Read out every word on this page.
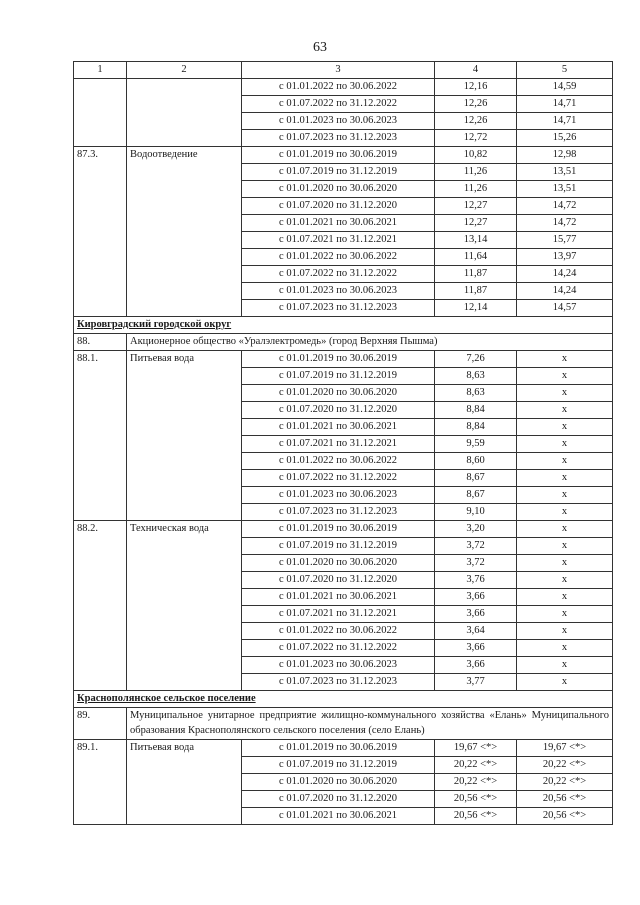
63
1	2	3	4	5
		с 01.01.2022 по 30.06.2022	12,16	14,59
		с 01.07.2022 по 31.12.2022	12,26	14,71
		с 01.01.2023 по 30.06.2023	12,26	14,71
		с 01.07.2023 по 31.12.2023	12,72	15,26
87.3.	Водоотведение	с 01.01.2019 по 30.06.2019	10,82	12,98
		с 01.07.2019 по 31.12.2019	11,26	13,51
		с 01.01.2020 по 30.06.2020	11,26	13,51
		с 01.07.2020 по 31.12.2020	12,27	14,72
		с 01.01.2021 по 30.06.2021	12,27	14,72
		с 01.07.2021 по 31.12.2021	13,14	15,77
		с 01.01.2022 по 30.06.2022	11,64	13,97
		с 01.07.2022 по 31.12.2022	11,87	14,24
		с 01.01.2023 по 30.06.2023	11,87	14,24
		с 01.07.2023 по 31.12.2023	12,14	14,57
Кировградский городской округ				
88.	Акционерное общество «Уралэлектромедь» (город Верхняя Пышма)			
88.1.	Питьевая вода	с 01.01.2019 по 30.06.2019	7,26	x
		с 01.07.2019 по 31.12.2019	8,63	x
		с 01.01.2020 по 30.06.2020	8,63	x
		с 01.07.2020 по 31.12.2020	8,84	x
		с 01.01.2021 по 30.06.2021	8,84	x
		с 01.07.2021 по 31.12.2021	9,59	x
		с 01.01.2022 по 30.06.2022	8,60	x
		с 01.07.2022 по 31.12.2022	8,67	x
		с 01.01.2023 по 30.06.2023	8,67	x
		с 01.07.2023 по 31.12.2023	9,10	x
88.2.	Техническая вода	с 01.01.2019 по 30.06.2019	3,20	x
		с 01.07.2019 по 31.12.2019	3,72	x
		с 01.01.2020 по 30.06.2020	3,72	x
		с 01.07.2020 по 31.12.2020	3,76	x
		с 01.01.2021 по 30.06.2021	3,66	x
		с 01.07.2021 по 31.12.2021	3,66	x
		с 01.01.2022 по 30.06.2022	3,64	x
		с 01.07.2022 по 31.12.2022	3,66	x
		с 01.01.2023 по 30.06.2023	3,66	x
		с 01.07.2023 по 31.12.2023	3,77	x
Краснополянское сельское поселение				
89.	Муниципальное унитарное предприятие жилищно-коммунального хозяйства «Елань» Муниципального образования Краснополянского сельского поселения (село Елань)			
89.1.	Питьевая вода	с 01.01.2019 по 30.06.2019	19,67 <*>	19,67 <*>
		с 01.07.2019 по 31.12.2019	20,22 <*>	20,22 <*>
		с 01.01.2020 по 30.06.2020	20,22 <*>	20,22 <*>
		с 01.07.2020 по 31.12.2020	20,56 <*>	20,56 <*>
		с 01.01.2021 по 30.06.2021	20,56 <*>	20,56 <*>
